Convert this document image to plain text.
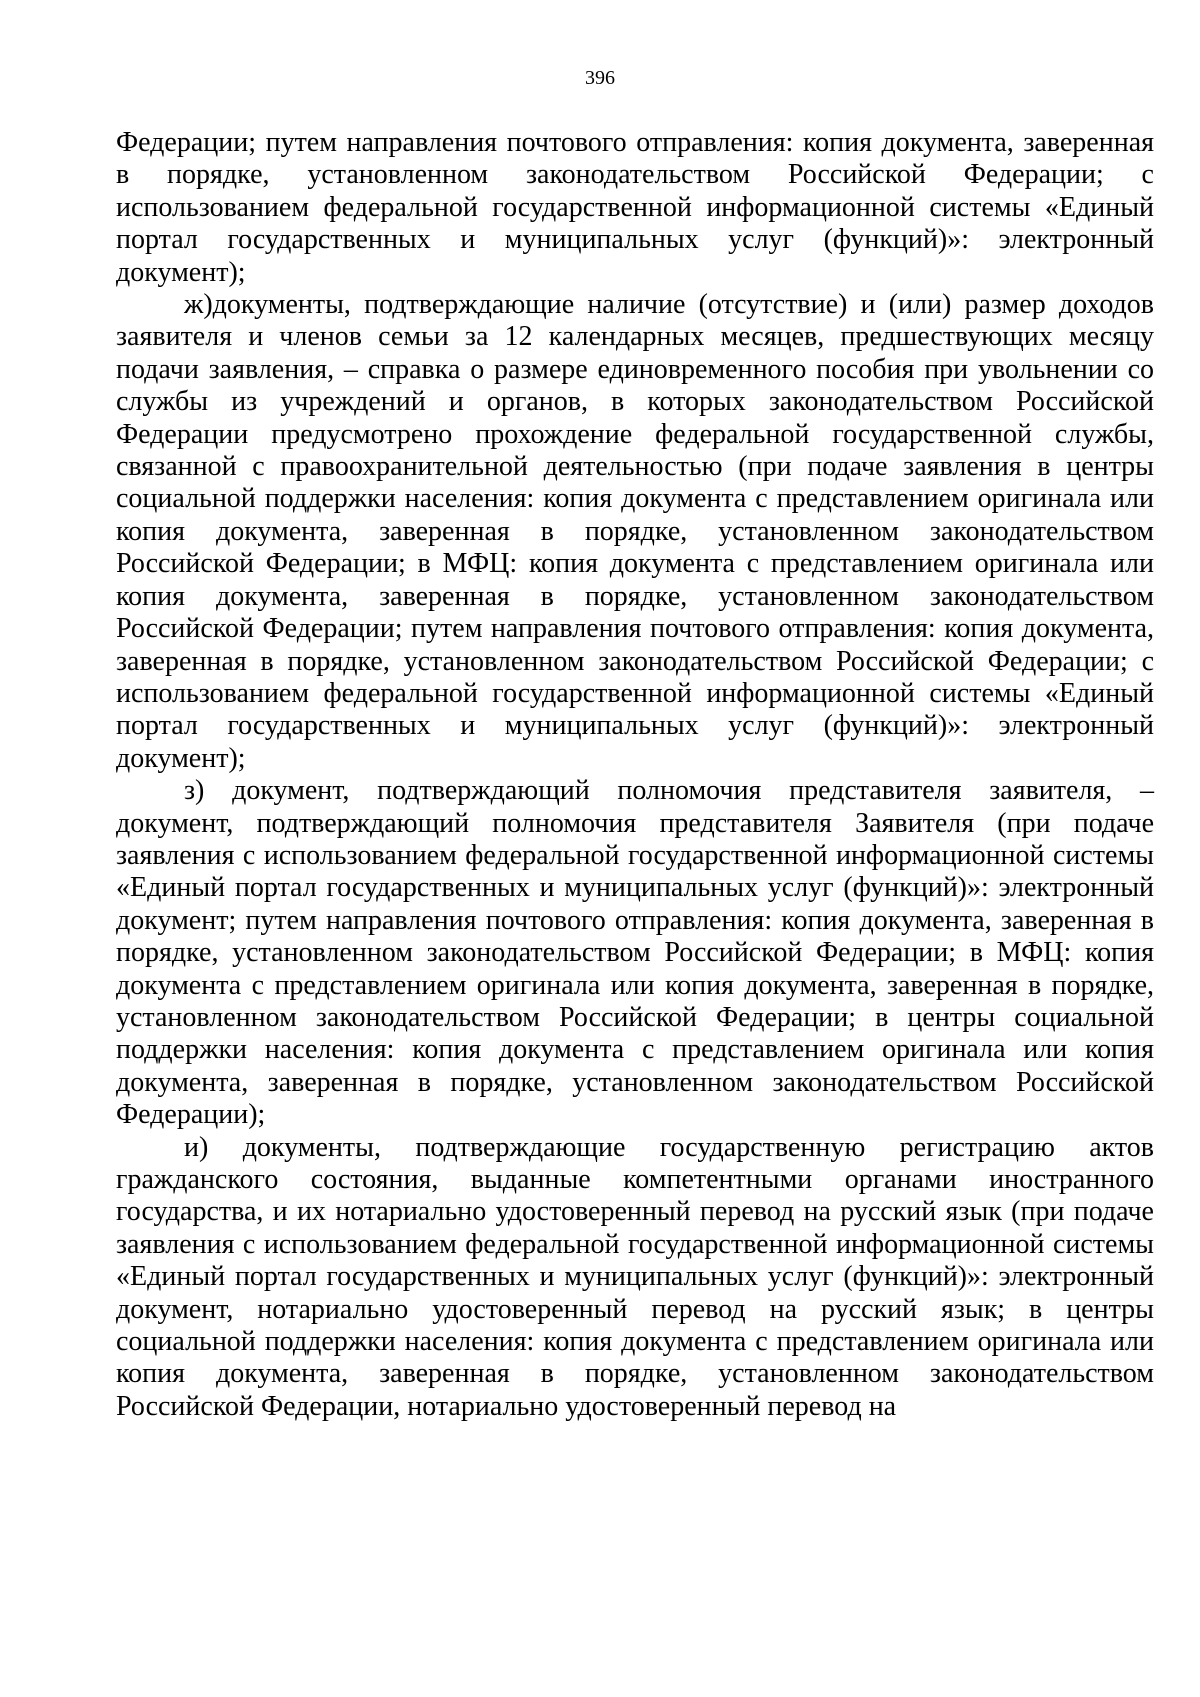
396

Федерации; путем направления почтового отправления: копия документа, заверенная в порядке, установленном законодательством Российской Федерации; с использованием федеральной государственной информационной системы «Единый портал государственных и муниципальных услуг (функций)»: электронный документ);

ж)документы, подтверждающие наличие (отсутствие) и (или) размер доходов заявителя и членов семьи за 12 календарных месяцев, предшествующих месяцу подачи заявления, – справка о размере единовременного пособия при увольнении со службы из учреждений и органов, в которых законодательством Российской Федерации предусмотрено прохождение федеральной государственной службы, связанной с правоохранительной деятельностью (при подаче заявления в центры социальной поддержки населения: копия документа с представлением оригинала или копия документа, заверенная в порядке, установленном законодательством Российской Федерации; в МФЦ: копия документа с представлением оригинала или копия документа, заверенная в порядке, установленном законодательством Российской Федерации; путем направления почтового отправления: копия документа, заверенная в порядке, установленном законодательством Российской Федерации; с использованием федеральной государственной информационной системы «Единый портал государственных и муниципальных услуг (функций)»: электронный документ);

з) документ, подтверждающий полномочия представителя заявителя, – документ, подтверждающий полномочия представителя Заявителя (при подаче заявления с использованием федеральной государственной информационной системы «Единый портал государственных и муниципальных услуг (функций)»: электронный документ; путем направления почтового отправления: копия документа, заверенная в порядке, установленном законодательством Российской Федерации; в МФЦ: копия документа с представлением оригинала или копия документа, заверенная в порядке, установленном законодательством Российской Федерации; в центры социальной поддержки населения: копия документа с представлением оригинала или копия документа, заверенная в порядке, установленном законодательством Российской Федерации);

и) документы, подтверждающие государственную регистрацию актов гражданского состояния, выданные компетентными органами иностранного государства, и их нотариально удостоверенный перевод на русский язык (при подаче заявления с использованием федеральной государственной информационной системы «Единый портал государственных и муниципальных услуг (функций)»: электронный документ, нотариально удостоверенный перевод на русский язык; в центры социальной поддержки населения: копия документа с представлением оригинала или копия документа, заверенная в порядке, установленном законодательством Российской Федерации, нотариально удостоверенный перевод на
